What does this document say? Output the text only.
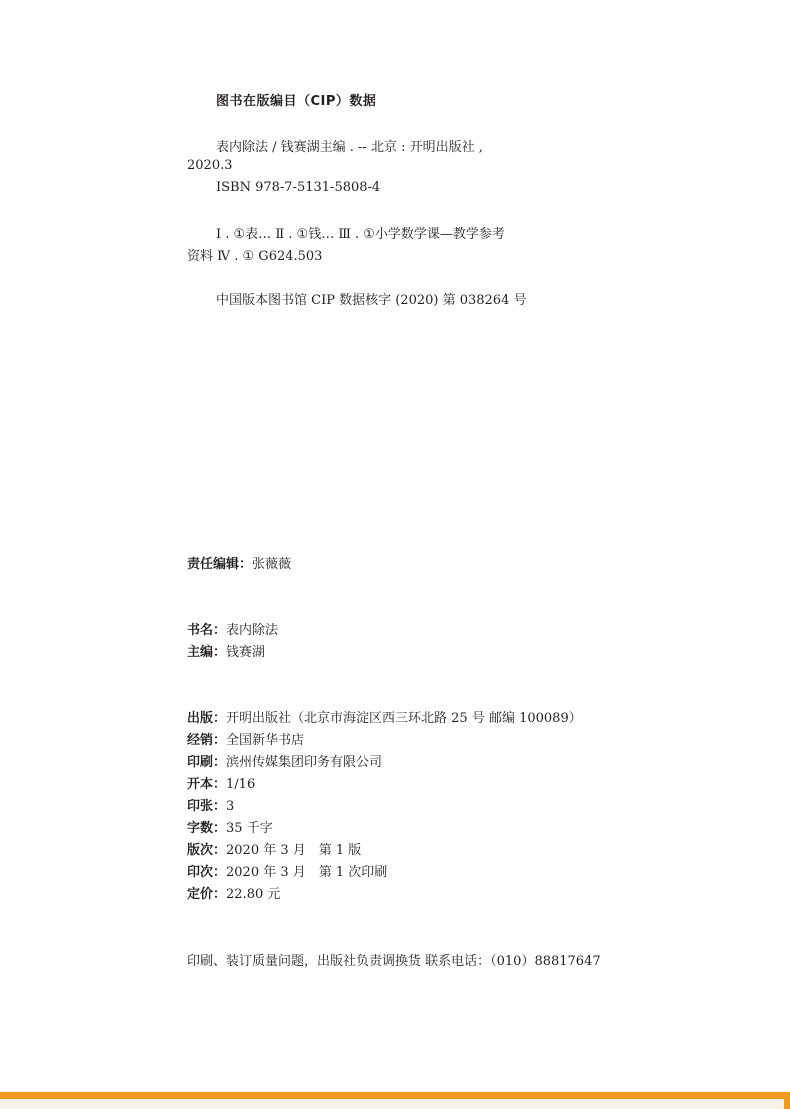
图书在版编目（CIP）数据
表内除法 / 钱赛湖主编 . -- 北京 : 开明出版社 ,
2020.3
ISBN 978-7-5131-5808-4
Ⅰ . ①表… Ⅱ . ①钱… Ⅲ . ①小学数学课—教学参考
资料 Ⅳ . ① G624.503
中国版本图书馆 CIP 数据核字 (2020) 第 038264 号
责任编辑：张薇薇
书名：表内除法
主编：钱赛湖
出版：开明出版社（北京市海淀区西三环北路 25 号 邮编 100089）
经销：全国新华书店
印刷：滨州传媒集团印务有限公司
开本：1/16
印张：3
字数：35 千字
版次：2020 年 3 月　第 1 版
印次：2020 年 3 月　第 1 次印刷
定价：22.80 元
印刷、装订质量问题，出版社负责调换货 联系电话：（010）88817647
